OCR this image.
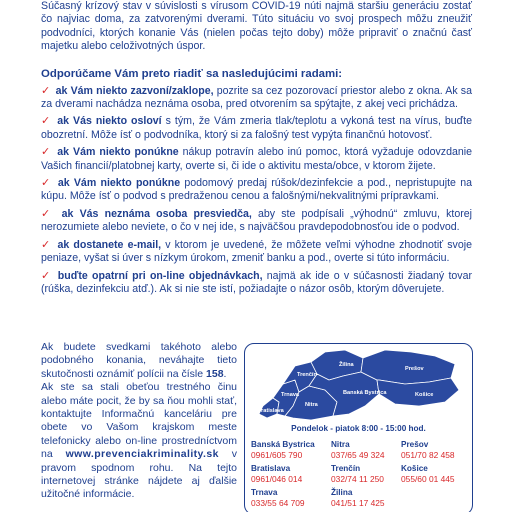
Súčasný krízový stav v súvislosti s vírusom COVID-19 núti najmä staršiu generáciu zostať čo najviac doma, za zatvorenými dverami. Túto situáciu vo svoj prospech môžu zneužiť podvodníci, ktorých konanie Vás (nielen počas tejto doby) môže pripraviť o značnú časť majetku alebo celoživotných úspor.

Odporúčame Vám preto riadiť sa nasledujúcimi radami:

✓ ak Vám niekto zazvoní/zaklope, pozrite sa cez pozorovací priestor alebo z okna. Ak sa za dverami nachádza neznáma osoba, pred otvorením sa spýtajte, z akej veci prichádza.

✓ ak Vás niekto osloví s tým, že Vám zmeria tlak/teplotu a vykoná test na vírus, buďte obozretní. Môže ísť o podvodníka, ktorý si za falošný test vypýta finančnú hotovosť.

✓ ak Vám niekto ponúkne nákup potravín alebo inú pomoc, ktorá vyžaduje odovzdanie Vašich financií/platobnej karty, overte si, či ide o aktivitu mesta/obce, v ktorom žijete.

✓ ak Vám niekto ponúkne podomový predaj rúšok/dezinfekcie a pod., nepristupujte na kúpu. Môže ísť o podvod s predraženou cenou a falošnými/nekvalitnými prípravkami.

✓ ak Vás neznáma osoba presviedča, aby ste podpísali „výhodnú“ zmluvu, ktorej nerozumiete alebo neviete, o čo v nej ide, s najväčšou pravdepodobnosťou ide o podvod.

✓ ak dostanete e-mail, v ktorom je uvedené, že môžete veľmi výhodne zhodnotiť svoje peniaze, vyšat si úver s nízkym úrokom, zmeniť banku a pod., overte si túto informáciu.

✓ buďte opatrní pri on-line objednávkach, najmä ak ide o v súčasnosti žiadaný tovar (rúška, dezinfekciu atď.). Ak si nie ste istí, požiadajte o názor osôb, ktorým dôverujete.

Ak budete svedkami takéhoto alebo podobného konania, neváhajte tieto skutočnosti oznámiť polícii na čísle 158.

Ak ste sa stali obeťou trestného činu alebo máte pocit, že by sa ňou mohli stať, kontaktujte Informačnú kanceláriu pre obete vo Vašom krajskom meste telefonicky alebo on-line prostredníctvom na www.prevenciakriminality.sk v pravom spodnom rohu. Na tejto internetovej stránke nájdete aj ďalšie užitočné informácie.

Žilina
Banská Bystrica
Prešov
Košice
Nitra
Trenčín
Trnava
Bratislava
Pondelok - piatok 8:00 - 15:00 hod.
Banská Bystrica
0961/605 790
Nitra
037/65 49 324
Prešov
051/70 82 458
Bratislava
0961/046 014
Trenčín
032/74 11 250
Košice
055/60 01 445
Trnava
033/55 64 709
Žilina
041/51 17 425
